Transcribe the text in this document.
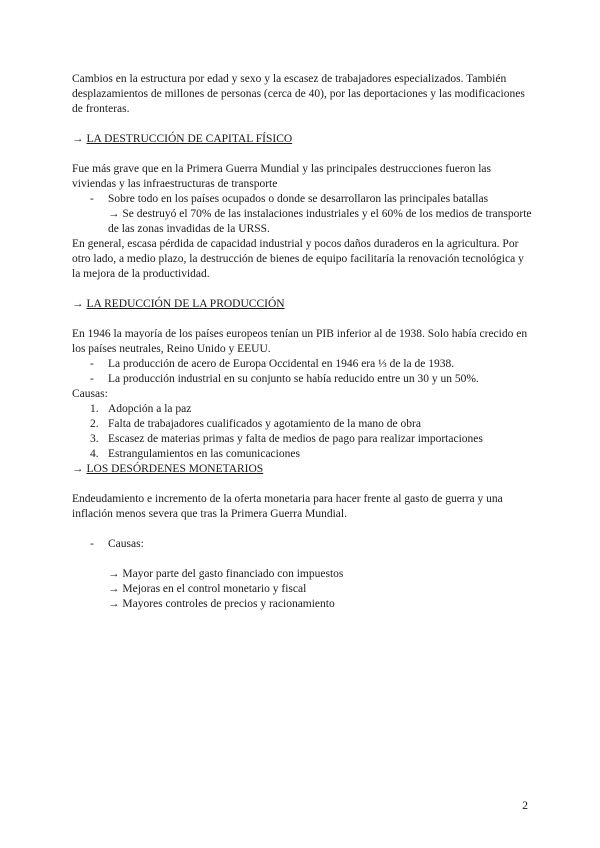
Cambios en la estructura por edad y sexo y la escasez de trabajadores especializados. También desplazamientos de millones de personas (cerca de 40), por las deportaciones y las modificaciones de fronteras.

→ LA DESTRUCCIÓN DE CAPITAL FÍSICO

Fue más grave que en la Primera Guerra Mundial y las principales destrucciones fueron las viviendas y las infraestructuras de transporte

- Sobre todo en los países ocupados o donde se desarrollaron las principales batallas
→ Se destruyó el 70% de las instalaciones industriales y el 60% de los medios de transporte de las zonas invadidas de la URSS.

En general, escasa pérdida de capacidad industrial y pocos daños duraderos en la agricultura. Por otro lado, a medio plazo, la destrucción de bienes de equipo facilitaría la renovación tecnológica y la mejora de la productividad.

→ LA REDUCCIÓN DE LA PRODUCCIÓN

En 1946 la mayoría de los países europeos tenían un PIB inferior al de 1938. Solo había crecido en los países neutrales, Reino Unido y EEUU.

- La producción de acero de Europa Occidental en 1946 era ⅓ de la de 1938.
- La producción industrial en su conjunto se había reducido entre un 30 y un 50%.

Causas:

1. Adopción a la paz
2. Falta de trabajadores cualificados y agotamiento de la mano de obra
3. Escasez de materias primas y falta de medios de pago para realizar importaciones
4. Estrangulamientos en las comunicaciones

→ LOS DESÓRDENES MONETARIOS

Endeudamiento e incremento de la oferta monetaria para hacer frente al gasto de guerra y una inflación menos severa que tras la Primera Guerra Mundial.

- Causas:
→ Mayor parte del gasto financiado con impuestos
→ Mejoras en el control monetario y fiscal
→ Mayores controles de precios y racionamiento
2
